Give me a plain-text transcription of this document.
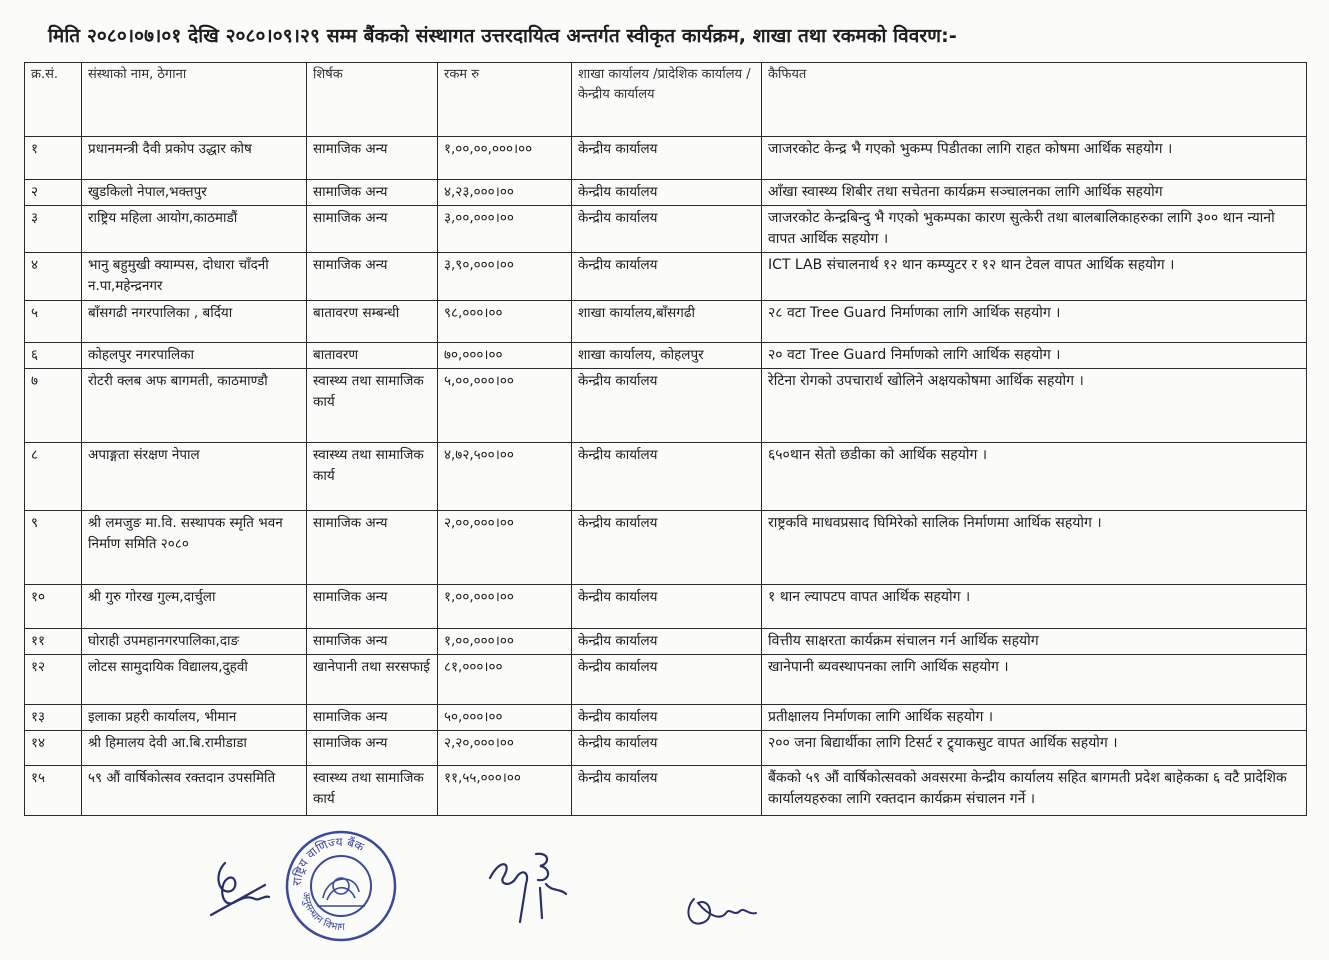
मिति २०८०।०७।०१ देखि २०८०।०९।२९ सम्म बैंकको संस्थागत उत्तरदायित्व अन्तर्गत स्वीकृत कार्यक्रम, शाखा तथा रकमको विवरण:-
क्र.सं.	संस्थाको नाम, ठेगाना	शिर्षक	रकम रु	शाखा कार्यालय /प्रादेशिक कार्यालय / केन्द्रीय कार्यालय	कैफियत
१	प्रधानमन्त्री दैवी प्रकोप उद्धार कोष	सामाजिक अन्य	१,००,००,०००।००	केन्द्रीय कार्यालय	जाजरकोट केन्द्र भै गएको भुकम्प पिडीतका लागि राहत कोषमा आर्थिक सहयोग ।
२	खुडकिलो नेपाल,भक्तपुर	सामाजिक अन्य	४,२३,०००।००	केन्द्रीय कार्यालय	आँखा स्वास्थ्य शिबीर तथा सचेतना कार्यक्रम सञ्चालनका लागि आर्थिक सहयोग
३	राष्ट्रिय महिला आयोग,काठमाडौं	सामाजिक अन्य	३,००,०००।००	केन्द्रीय कार्यालय	जाजरकोट केन्द्रबिन्दु भै गएको भुकम्पका कारण सुत्केरी तथा बालबालिकाहरुका लागि ३०० थान न्यानो वापत आर्थिक सहयोग ।
४	भानु बहुमुखी क्याम्पस, दोधारा चाँदनी न.पा,महेन्द्रनगर	सामाजिक अन्य	३,९०,०००।००	केन्द्रीय कार्यालय	ICT LAB संचालनार्थ १२ थान कम्प्युटर र १२ थान टेवल वापत आर्थिक सहयोग ।
५	बाँसगढी नगरपालिका , बर्दिया	बातावरण सम्बन्धी	९८,०००।००	शाखा कार्यालय,बाँसगढी	२८ वटा Tree Guard निर्माणका लागि आर्थिक सहयोग ।
६	कोहलपुर नगरपालिका	बातावरण	७०,०००।००	शाखा कार्यालय, कोहलपुर	२० वटा Tree Guard निर्माणको लागि आर्थिक सहयोग ।
७	रोटरी क्लब अफ बागमती, काठमाण्डौ	स्वास्थ्य तथा सामाजिक कार्य	५,००,०००।००	केन्द्रीय कार्यालय	रेटिना रोगको उपचारार्थ खोलिने अक्षयकोषमा आर्थिक सहयोग ।
८	अपाङ्गता संरक्षण नेपाल	स्वास्थ्य तथा सामाजिक कार्य	४,७२,५००।००	केन्द्रीय कार्यालय	६५०थान सेतो छडीका को आर्थिक सहयोग ।
९	श्री लमजुङ मा.वि. सस्थापक स्मृति भवन निर्माण समिति २०८०	सामाजिक अन्य	२,००,०००।००	केन्द्रीय कार्यालय	राष्ट्रकवि माधवप्रसाद घिमिरेको सालिक निर्माणमा आर्थिक सहयोग ।
१०	श्री गुरु गोरख गुल्म,दार्चुला	सामाजिक अन्य	१,००,०००।००	केन्द्रीय कार्यालय	१ थान ल्यापटप वापत आर्थिक सहयोग ।
११	घोराही उपमहानगरपालिका,दाङ	सामाजिक अन्य	१,००,०००।००	केन्द्रीय कार्यालय	वित्तीय साक्षरता कार्यक्रम संचालन गर्न आर्थिक सहयोग
१२	लोटस सामुदायिक विद्यालय,दुहवी	खानेपानी तथा सरसफाई	८१,०००।००	केन्द्रीय कार्यालय	खानेपानी ब्यवस्थापनका लागि आर्थिक सहयोग ।
१३	इलाका प्रहरी कार्यालय, भीमान	सामाजिक अन्य	५०,०००।००	केन्द्रीय कार्यालय	प्रतीक्षालय निर्माणका लागि आर्थिक सहयोग ।
१४	श्री हिमालय देवी आ.बि.रामीडाडा	सामाजिक अन्य	२,२०,०००।००	केन्द्रीय कार्यालय	२०० जना बिद्यार्थीका लागि टिसर्ट र ट्र्याकसुट वापत आर्थिक सहयोग ।
१५	५९ औं वार्षिकोत्सव रक्तदान उपसमिति	स्वास्थ्य तथा सामाजिक कार्य	११,५५,०००।००	केन्द्रीय कार्यालय	बैंकको ५९ औं वार्षिकोत्सवको अवसरमा केन्द्रीय कार्यालय सहित बागमती प्रदेश बाहेकका ६ वटै प्रादेशिक कार्यालयहरुका लागि रक्तदान कार्यक्रम संचालन गर्ने ।
राष्ट्रिय वाणिज्य बैंक
अनुसन्धान विभाग
